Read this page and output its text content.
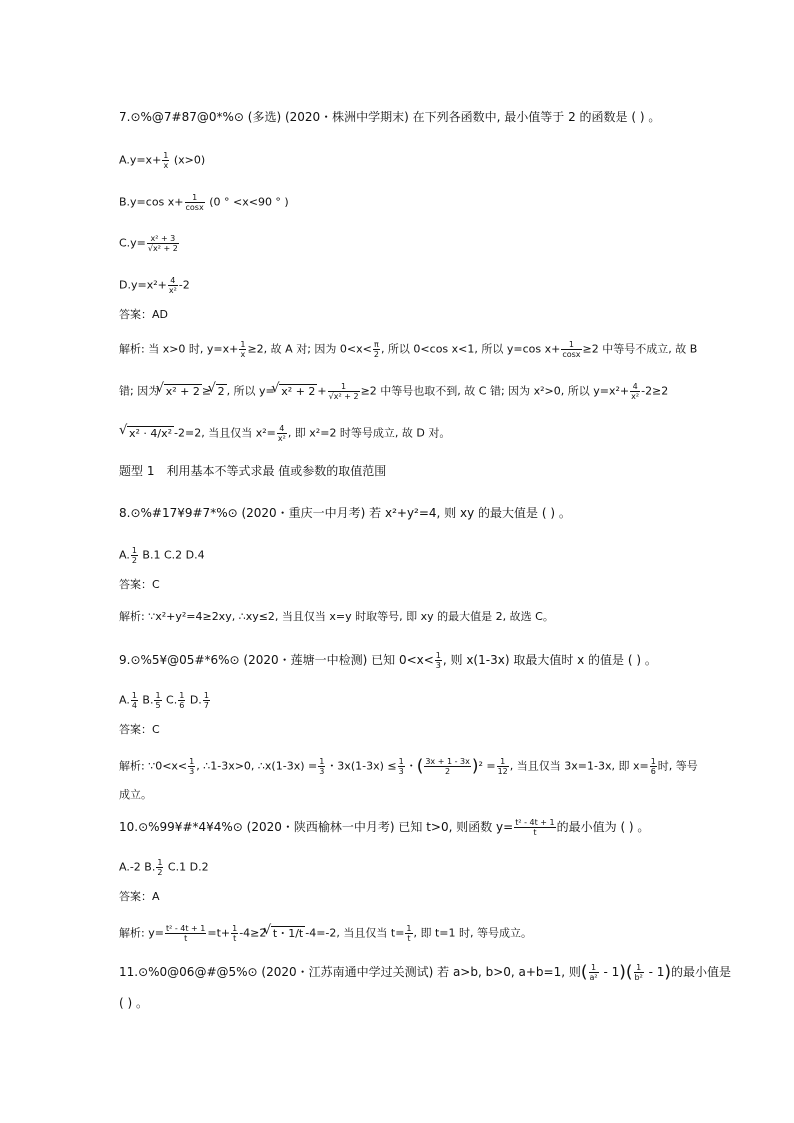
7.⊙%@7#87@0*%⊙ (多选) (2020・株洲中学期末) 在下列各函数中, 最小值等于 2 的函数是 ( ) 。
$A.y=x+ \frac{1}{x} (x>0)$
B.y=cos $x+ \frac{1}{\cos x} (0$ ° <x<90 ° )
$C.y= \frac{\text{x² + 3}}{\text{√x² + 2}}$
$D.y=x^2+ \frac{4}{\text{x²}} -2$
答案：AD
解析: 当 x>0 时, $y=x+ \frac{1}{x} \ge 2$, 故 A 对; 因为 $0<x< \frac{\pi}{2}$ , 所以 0<cos x<1, 所以 y=cos $x+ \frac{1}{\cos x} \ge 2$ 中等号不成立, 故 B
错; 因为 √ x² + 2 ≥ √ 2 , 所以 y= √ $x^2 + 2 + \frac{1}{\text{√x² + 2}} \ge 2$ 中等号也取不到, 故 C 错; 因为 x²>0, 所以 $y=x^2+ \frac{4}{\text{x²}} -2\ge 2$
√ x² · 4/x² -2=2, 当且仅当 $x^2= \frac{4}{\text{x²}}$ , 即 x²=2 时等号成立, 故 D 对。
题型 1　利用基本不等式求最 值或参数的取值范围
8.⊙%#17¥9#7*%⊙ (2020・重庆一中月考) 若 x²+y²=4, 则 xy 的最大值是 ( ) 。
A. $\frac{1}{2} B.1$ C.2 D.4
答案：C
解析: ∵x²+y²=4≥2xy, ∴xy≤2, 当且仅当 x=y 时取等号, 即 xy 的最大值是 2, 故选 C。
9.⊙%5¥@05#*6%⊙ (2020・莲塘一中检测) 已知 $0<x< \frac{1}{3}$ , 则 x(1-3x) 取最大值时 x 的值是 ( ) 。
A. $\frac{1}{4} B$. $\frac{1}{5} C$. $\frac{1}{6} D$. $\frac{1}{7}$
答案：C
解析: ∵0<x< $\frac{1}{3}$ , ∴1-3x>0, ∴x(1-3x) = $\frac{1}{3}$ ・$3x(1-3x) \le \frac{1}{3}$ ・( $\frac{3x + 1 - 3x}{2} )^2 = \frac{1}{12}$ , 当且仅当 3x=1-3x, 即 $x= \frac{1}{6}$ 时, 等号
成立。
10.⊙%99¥#*4¥4%⊙ (2020・陕西榆林一中月考) 已知 t>0, 则函数 $y= \frac{\text{t² - 4t + 1}}{t}$ 的最小值为 ( ) 。
A.-2 B. $\frac{1}{2} C.1$ D.2
答案：A
解析: $y= \frac{\text{t² - 4t + 1}}{t} =t+ \frac{1}{t} -4\ge 2$ √ t・1/t -4=-2, 当且仅当 $t= \frac{1}{t}$ , 即 t=1 时, 等号成立。
11.⊙%0@06@#@5%⊙ (2020・江苏南通中学过关测试) 若 a>b, b>0, a+b=1, 则( $\frac{1}{\text{a²}} - 1)( \frac{1}{\text{b²}} - 1)$的最小值是
( ) 。
